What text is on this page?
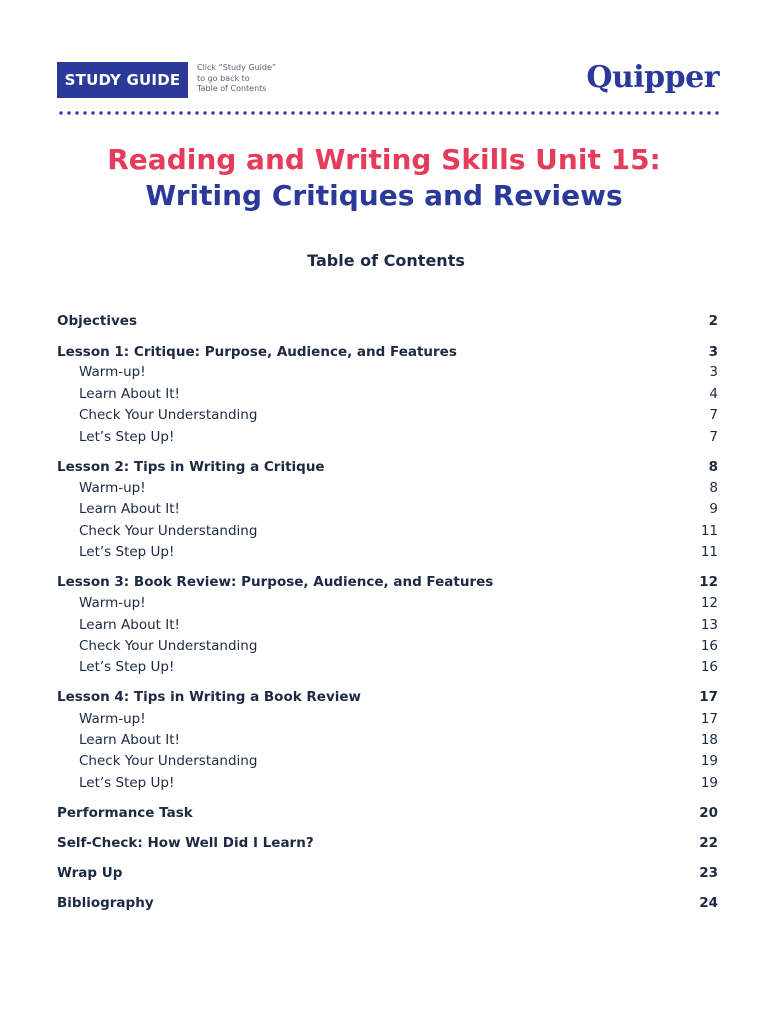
STUDY GUIDE
Click “Study Guide”
to go back to
Table of Contents	Quipper
Reading and Writing Skills Unit 15:
Writing Critiques and Reviews
Table of Contents
Objectives	2
Lesson 1: Critique: Purpose, Audience, and Features	3
Warm-up!	3
Learn About It!	4
Check Your Understanding	7
Let’s Step Up!	7
Lesson 2: Tips in Writing a Critique	8
Warm-up!	8
Learn About It!	9
Check Your Understanding	11
Let’s Step Up!	11
Lesson 3: Book Review: Purpose, Audience, and Features	12
Warm-up!	12
Learn About It!	13
Check Your Understanding	16
Let’s Step Up!	16
Lesson 4: Tips in Writing a Book Review	17
Warm-up!	17
Learn About It!	18
Check Your Understanding	19
Let’s Step Up!	19
Performance Task	20
Self-Check: How Well Did I Learn?	22
Wrap Up	23
Bibliography	24
